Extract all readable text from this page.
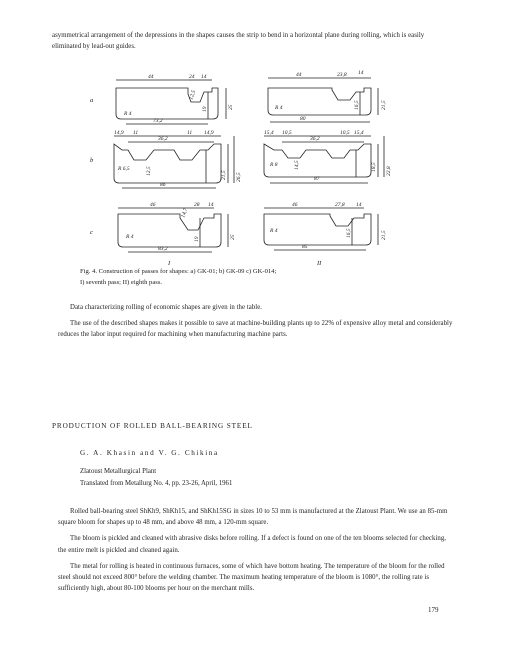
asymmetrical arrangement of the depressions in the shapes causes the strip to bend in a horizontal plane during rolling, which is easily eliminated by lead-out guides.

a
b
c
44	24 14
R 4
73,2
12,5
19	25
44	23,8 14
R 4
80
16,5	21,5
14,9 11
36,2
11 14,9
R 6,5
86
12,5	21,5 26,5
15,4 10,5
36,2
10,5 15,4
R 8
87
14,5	18,5 22,8
46	28 14
14,7
R 4
83,2
19	25
46	27,8 14
R 4
85
16,5	21,5
I	II
Fig. 4. Construction of passes for shapes: a) GK-01; b) GK-09 c) GK-014;
I) seventh pass; II) eighth pass.

Data characterizing rolling of economic shapes are given in the table.

The use of the described shapes makes it possible to save at machine-building plants up to 22% of expensive alloy metal and considerably reduces the labor input required for machining when manufacturing machine parts.

PRODUCTION OF ROLLED BALL-BEARING STEEL
G. A. Khasin and V. G. Chikina
Zlatoust Metallurgical Plant
Translated from Metallurg No. 4, pp. 23-26, April, 1961

Rolled ball-bearing steel ShKh9, ShKh15, and ShKh15SG in sizes 10 to 53 mm is manufactured at the Zlatoust Plant. We use an 85-mm square bloom for shapes up to 48 mm, and above 48 mm, a 120-mm square.

The bloom is pickled and cleaned with abrasive disks before rolling. If a defect is found on one of the ten blooms selected for checking, the entire melt is pickled and cleaned again.

The metal for rolling is heated in continuous furnaces, some of which have bottom heating. The temperature of the bloom for the rolled steel should not exceed 800° before the welding chamber. The maximum heating temperature of the bloom is 1080°, the rolling rate is sufficiently high, about 80-100 blooms per hour on the merchant mills.

179
